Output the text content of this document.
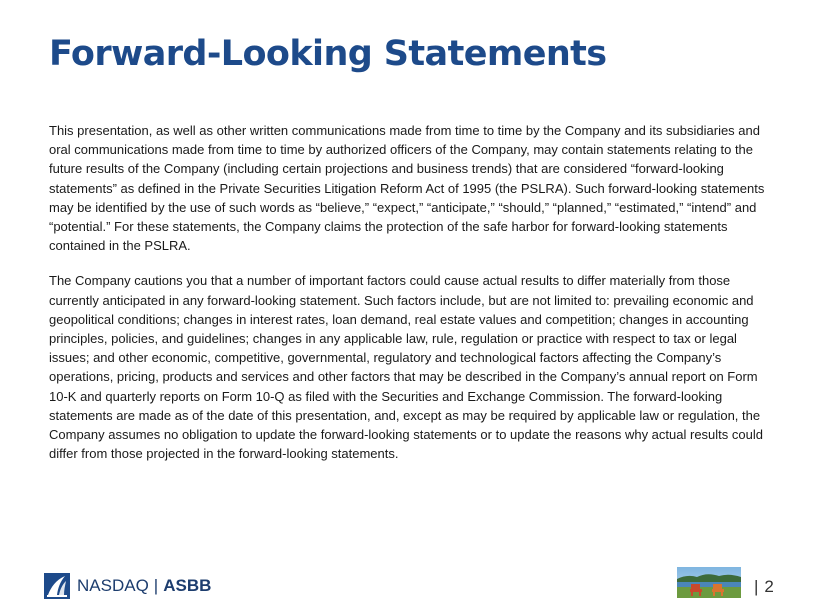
Forward-Looking Statements

This presentation, as well as other written communications made from time to time by the Company and its subsidiaries and oral communications made from time to time by authorized officers of the Company, may contain statements relating to the future results of the Company (including certain projections and business trends) that are considered “forward-looking statements” as defined in the Private Securities Litigation Reform Act of 1995 (the PSLRA). Such forward-looking statements may be identified by the use of such words as “believe,” “expect,” “anticipate,” “should,” “planned,” “estimated,” “intend” and “potential.” For these statements, the Company claims the protection of the safe harbor for forward-looking statements contained in the PSLRA.

The Company cautions you that a number of important factors could cause actual results to differ materially from those currently anticipated in any forward-looking statement. Such factors include, but are not limited to: prevailing economic and geopolitical conditions; changes in interest rates, loan demand, real estate values and competition; changes in accounting principles, policies, and guidelines; changes in any applicable law, rule, regulation or practice with respect to tax or legal issues; and other economic, competitive, governmental, regulatory and technological factors affecting the Company’s operations, pricing, products and services and other factors that may be described in the Company’s annual report on Form 10-K and quarterly reports on Form 10-Q as filed with the Securities and Exchange Commission. The forward-looking statements are made as of the date of this presentation, and, except as may be required by applicable law or regulation, the Company assumes no obligation to update the forward-looking statements or to update the reasons why actual results could differ from those projected in the forward-looking statements.

NASDAQ | ASBB	| 2
